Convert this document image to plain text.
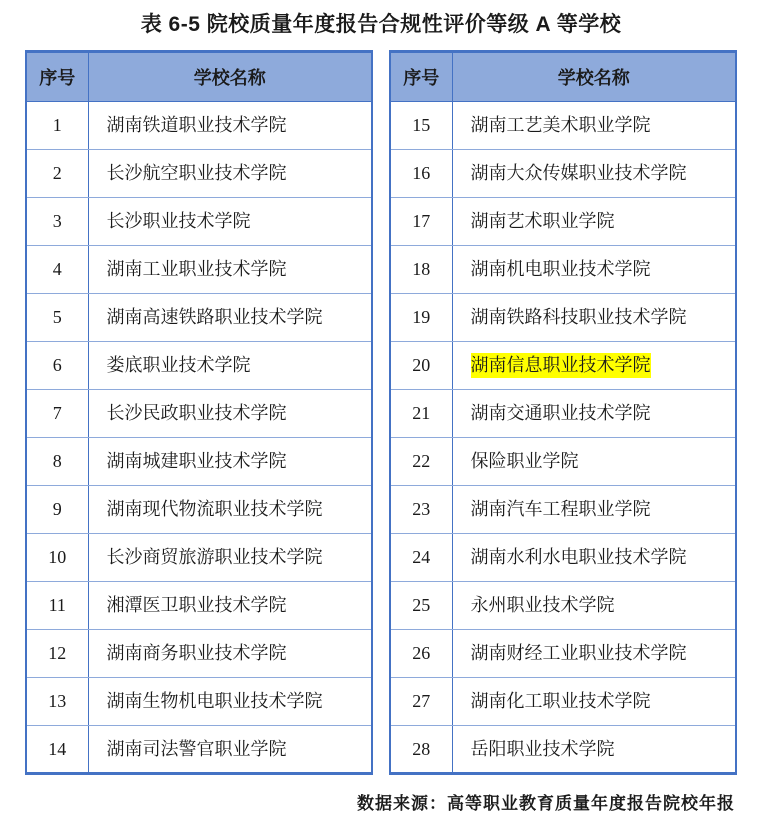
表 6-5 院校质量年度报告合规性评价等级 A 等学校
序号	学校名称
1	湖南铁道职业技术学院
2	长沙航空职业技术学院
3	长沙职业技术学院
4	湖南工业职业技术学院
5	湖南高速铁路职业技术学院
6	娄底职业技术学院
7	长沙民政职业技术学院
8	湖南城建职业技术学院
9	湖南现代物流职业技术学院
10	长沙商贸旅游职业技术学院
11	湘潭医卫职业技术学院
12	湖南商务职业技术学院
13	湖南生物机电职业技术学院
14	湖南司法警官职业学院
序号	学校名称
15	湖南工艺美术职业学院
16	湖南大众传媒职业技术学院
17	湖南艺术职业学院
18	湖南机电职业技术学院
19	湖南铁路科技职业技术学院
20	湖南信息职业技术学院
21	湖南交通职业技术学院
22	保险职业学院
23	湖南汽车工程职业学院
24	湖南水利水电职业技术学院
25	永州职业技术学院
26	湖南财经工业职业技术学院
27	湖南化工职业技术学院
28	岳阳职业技术学院
数据来源：高等职业教育质量年度报告院校年报
